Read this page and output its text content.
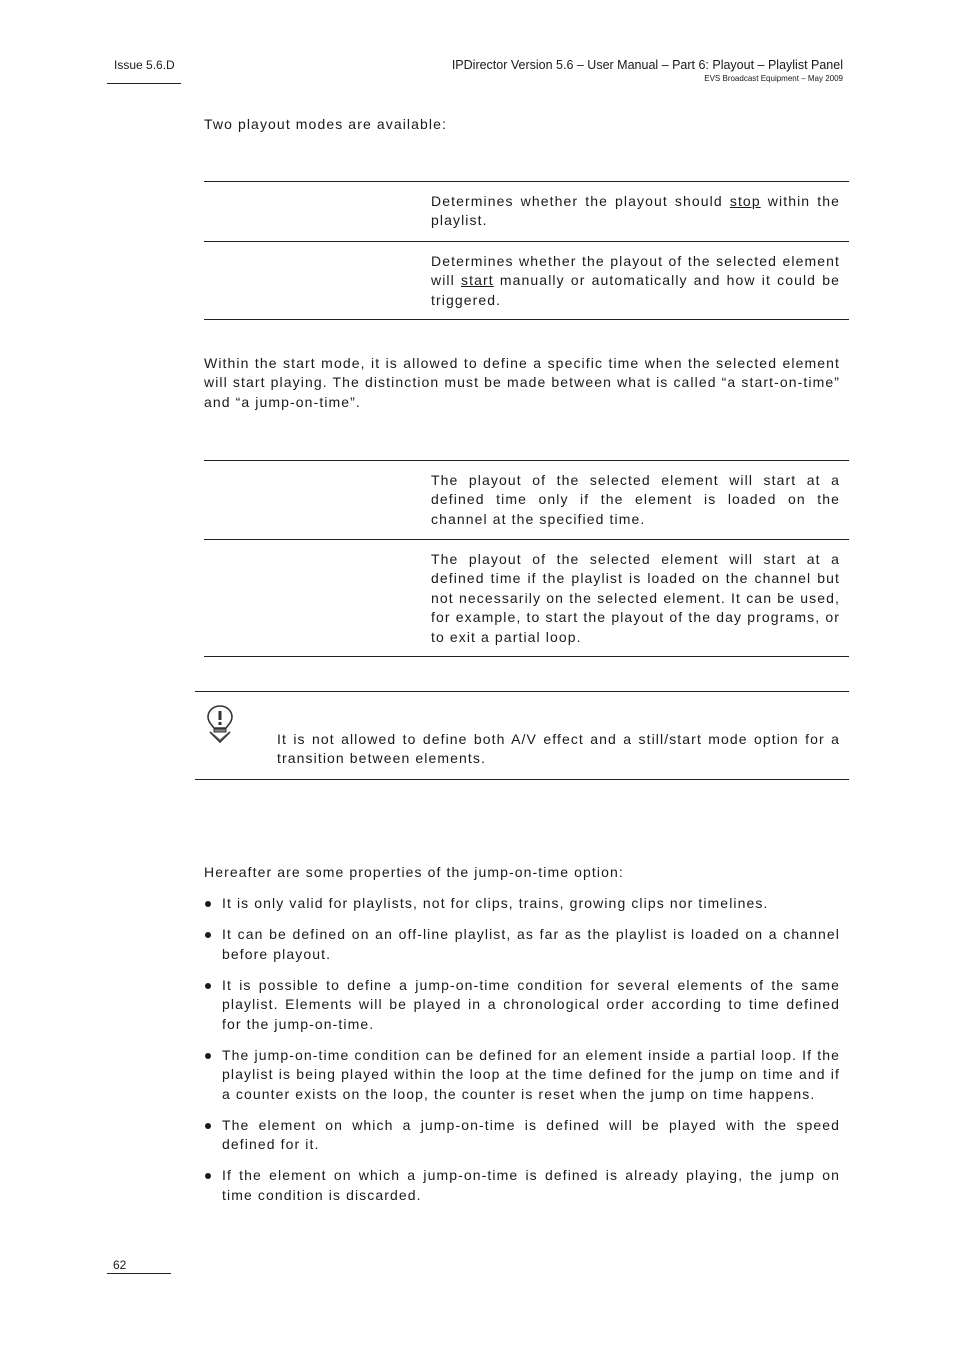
Issue 5.6.D	IPDirector Version 5.6 – User Manual – Part 6: Playout – Playlist Panel
EVS Broadcast Equipment – May 2009
Two playout modes are available:
Determines whether the playout should stop within the playlist.
Determines whether the playout of the selected element will start manually or automatically and how it could be triggered.
Within the start mode, it is allowed to define a specific time when the selected element will start playing. The distinction must be made between what is called “a start-on-time” and “a jump-on-time”.
The playout of the selected element will start at a defined time only if the element is loaded on the channel at the specified time.
The playout of the selected element will start at a defined time if the playlist is loaded on the channel but not necessarily on the selected element. It can be used, for example, to start the playout of the day programs, or to exit a partial loop.
It is not allowed to define both A/V effect and a still/start mode option for a transition between elements.
Hereafter are some properties of the jump-on-time option:
It is only valid for playlists, not for clips, trains, growing clips nor timelines.
It can be defined on an off-line playlist, as far as the playlist is loaded on a channel before playout.
It is possible to define a jump-on-time condition for several elements of the same playlist. Elements will be played in a chronological order according to time defined for the jump-on-time.
The jump-on-time condition can be defined for an element inside a partial loop. If the playlist is being played within the loop at the time defined for the jump on time and if a counter exists on the loop, the counter is reset when the jump on time happens.
The element on which a jump-on-time is defined will be played with the speed defined for it.
If the element on which a jump-on-time is defined is already playing, the jump on time condition is discarded.
62
